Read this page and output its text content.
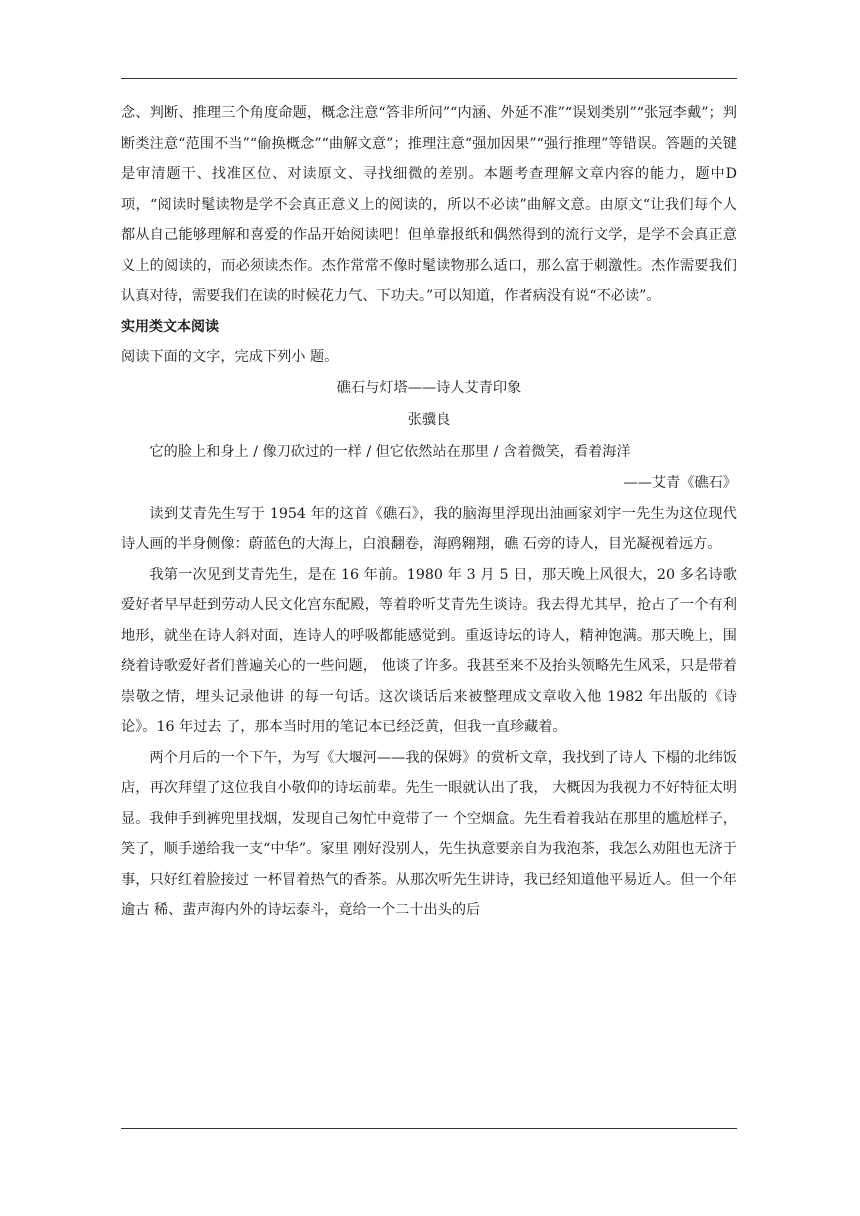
念、判断、推理三个角度命题，概念注意“答非所问”“内涵、外延不准”“误划类别”“张冠李戴”；判断类注意“范围不当”“偷换概念”“曲解文意”；推理注意“强加因果”“强行推理”等错误。答题的关键是审清题干、找准区位、对读原文、寻找细微的差别。本题考查理解文章内容的能力，题中D项，“阅读时髦读物是学不会真正意义上的阅读的，所以不必读”曲解文意。由原文“让我们每个人都从自己能够理解和喜爱的作品开始阅读吧！但单靠报纸和偶然得到的流行文学，是学不会真正意义上的阅读的，而必须读杰作。杰作常常不像时髦读物那么适口，那么富于刺激性。杰作需要我们认真对待，需要我们在读的时候花力气、下功夫。”可以知道，作者病没有说“不必读”。

实用类文本阅读

阅读下面的文字，完成下列小 题。

礁石与灯塔——诗人艾青印象

张骥良

它的脸上和身上 / 像刀砍过的一样 / 但它依然站在那里 / 含着微笑，看着海洋

——艾青《礁石》

读到艾青先生写于 1954 年的这首《礁石》，我的脑海里浮现出油画家刘宇一先生为这位现代诗人画的半身侧像：蔚蓝色的大海上，白浪翻卷，海鸥翱翔，礁 石旁的诗人，目光凝视着远方。

我第一次见到艾青先生，是在 16 年前。1980 年 3 月 5 日，那天晚上风很大，20 多名诗歌爱好者早早赶到劳动人民文化宫东配殿，等着聆听艾青先生谈诗。我去得尤其早，抢占了一个有利地形，就坐在诗人斜对面，连诗人的呼吸都能感觉到。重返诗坛的诗人，精神饱满。那天晚上，围绕着诗歌爱好者们普遍关心的一些问题， 他谈了许多。我甚至来不及抬头领略先生风采，只是带着崇敬之情，埋头记录他讲 的每一句话。这次谈话后来被整理成文章收入他 1982 年出版的《诗论》。16 年过去 了，那本当时用的笔记本已经泛黄，但我一直珍藏着。

两个月后的一个下午，为写《大堰河——我的保姆》的赏析文章，我找到了诗人 下榻的北纬饭店，再次拜望了这位我自小敬仰的诗坛前辈。先生一眼就认出了我， 大概因为我视力不好特征太明显。我伸手到裤兜里找烟，发现自己匆忙中竟带了一 个空烟盒。先生看着我站在那里的尴尬样子，笑了，顺手递给我一支“中华”。家里 刚好没别人，先生执意要亲自为我泡茶，我怎么劝阻也无济于事，只好红着脸接过 一杯冒着热气的香茶。从那次听先生讲诗，我已经知道他平易近人。但一个年逾古 稀、蜚声海内外的诗坛泰斗，竟给一个二十出头的后
